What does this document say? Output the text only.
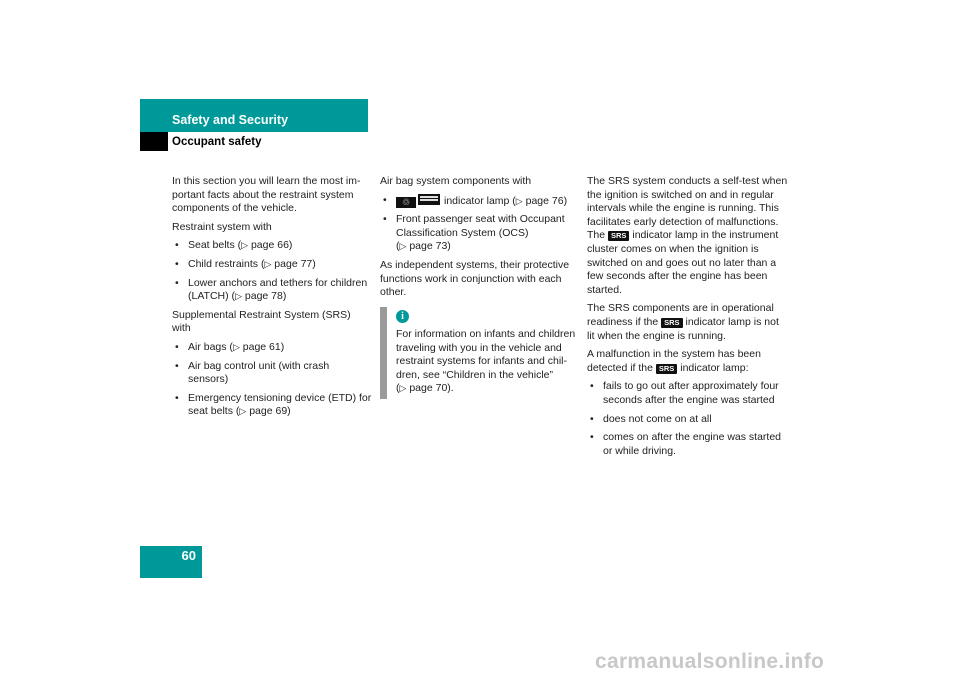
Safety and Security
Occupant safety

In this section you will learn the most im-
portant facts about the restraint system
components of the vehicle.

Restraint system with

• Seat belts (▷ page 66)
• Child restraints (▷ page 77)
• Lower anchors and tethers for children
(LATCH) (▷ page 78)

Supplemental Restraint System (SRS) with

• Air bags (▷ page 61)
• Air bag control unit (with crash
sensors)
• Emergency tensioning device (ETD) for
seat belts (▷ page 69)

Air bag system components with

• ♲	indicator lamp (▷ page 76)
• Front passenger seat with Occupant
Classification System (OCS)
(▷ page 73)

As independent systems, their protective
functions work in conjunction with each
other.

i
For information on infants and children
traveling with you in the vehicle and
restraint systems for infants and chil-
dren, see “Children in the vehicle”
(▷ page 70).

The SRS system conducts a self-test when
the ignition is switched on and in regular
intervals while the engine is running. This
facilitates early detection of malfunctions.
The SRS indicator lamp in the instrument
cluster comes on when the ignition is
switched on and goes out no later than a
few seconds after the engine has been
started.

The SRS components are in operational
readiness if the SRS indicator lamp is not
lit when the engine is running.

A malfunction in the system has been
detected if the SRS indicator lamp:

• fails to go out after approximately four
seconds after the engine was started
• does not come on at all
• comes on after the engine was started
or while driving.
60
carmanualsonline.info
